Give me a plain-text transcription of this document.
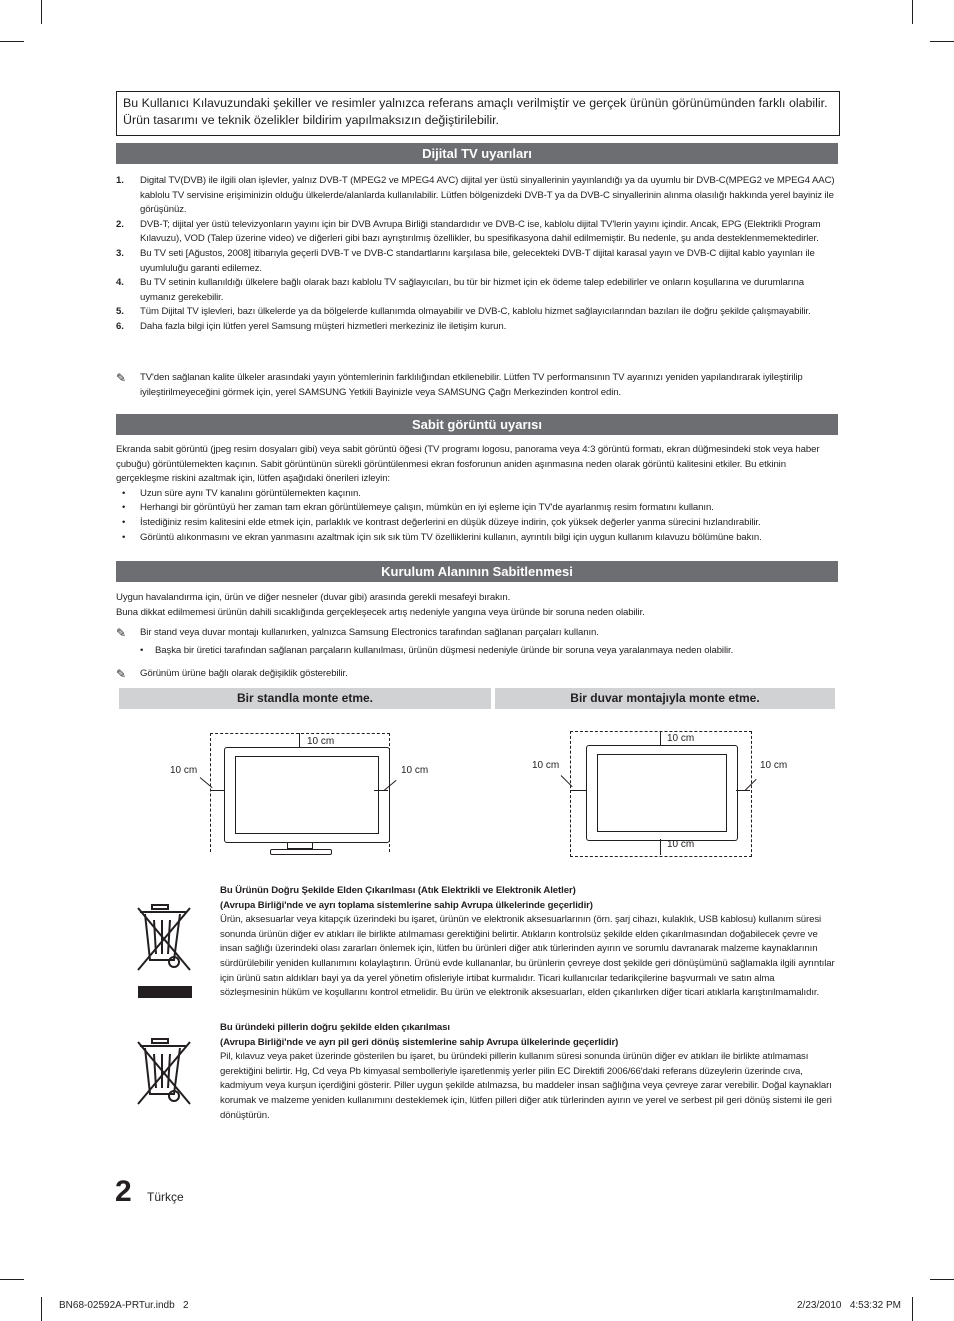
Bu Kullanıcı Kılavuzundaki şekiller ve resimler yalnızca referans amaçlı verilmiştir ve gerçek ürünün görünümünden farklı olabilir. Ürün tasarımı ve teknik özelikler bildirim yapılmaksızın değiştirilebilir.
Dijital TV uyarıları
1. Digital TV(DVB) ile ilgili olan işlevler, yalnız DVB-T (MPEG2 ve MPEG4 AVC) dijital yer üstü sinyallerinin yayınlandığı ya da uyumlu bir DVB-C(MPEG2 ve MPEG4 AAC) kablolu TV servisine erişiminizin olduğu ülkelerde/alanlarda kullanılabilir. Lütfen bölgenizdeki DVB-T ya da DVB-C sinyallerinin alınma olasılığı hakkında yerel bayiniz ile görüşünüz.
2. DVB-T; dijital yer üstü televizyonların yayını için bir DVB Avrupa Birliği standardıdır ve DVB-C ise, kablolu dijital TV'lerin yayını içindir. Ancak, EPG (Elektrikli Program Kılavuzu), VOD (Talep üzerine video) ve diğerleri gibi bazı ayrıştırılmış özellikler, bu spesifikasyona dahil edilmemiştir. Bu nedenle, şu anda desteklenmemektedirler.
3. Bu TV seti [Ağustos, 2008] itibarıyla geçerli DVB-T ve DVB-C standartlarını karşılasa bile, gelecekteki DVB-T dijital karasal yayın ve DVB-C dijital kablo yayınları ile uyumluluğu garanti edilemez.
4. Bu TV setinin kullanıldığı ülkelere bağlı olarak bazı kablolu TV sağlayıcıları, bu tür bir hizmet için ek ödeme talep edebilirler ve onların koşullarına ve durumlarına uymanız gerekebilir.
5. Tüm Dijital TV işlevleri, bazı ülkelerde ya da bölgelerde kullanımda olmayabilir ve DVB-C, kablolu hizmet sağlayıcılarından bazıları ile doğru şekilde çalışmayabilir.
6. Daha fazla bilgi için lütfen yerel Samsung müşteri hizmetleri merkeziniz ile iletişim kurun.
✎ TV'den sağlanan kalite ülkeler arasındaki yayın yöntemlerinin farklılığından etkilenebilir. Lütfen TV performansının TV ayarınızı yeniden yapılandırarak iyileştirilip iyileştirilmeyeceğini görmek için, yerel SAMSUNG Yetkili Bayinizle veya SAMSUNG Çağrı Merkezinden kontrol edin.
Sabit görüntü uyarısı
Ekranda sabit görüntü (jpeg resim dosyaları gibi) veya sabit görüntü öğesi (TV programı logosu, panorama veya 4:3 görüntü formatı, ekran düğmesindeki stok veya haber çubuğu) görüntülemekten kaçının. Sabit görüntünün sürekli görüntülenmesi ekran fosforunun aniden aşınmasına neden olarak görüntü kalitesini etkiler. Bu etkinin gerçekleşme riskini azaltmak için, lütfen aşağıdaki önerileri izleyin:
• Uzun süre aynı TV kanalını görüntülemekten kaçının.
• Herhangi bir görüntüyü her zaman tam ekran görüntülemeye çalışın, mümkün en iyi eşleme için TV'de ayarlanmış resim formatını kullanın.
• İstediğiniz resim kalitesini elde etmek için, parlaklık ve kontrast değerlerini en düşük düzeye indirin, çok yüksek değerler yanma sürecini hızlandırabilir.
• Görüntü alıkonmasını ve ekran yanmasını azaltmak için sık sık tüm TV özelliklerini kullanın, ayrıntılı bilgi için uygun kullanım kılavuzu bölümüne bakın.
Kurulum Alanının Sabitlenmesi
Uygun havalandırma için, ürün ve diğer nesneler (duvar gibi) arasında gerekli mesafeyi bırakın.
Buna dikkat edilmemesi ürünün dahili sıcaklığında gerçekleşecek artış nedeniyle yangına veya üründe bir soruna neden olabilir.
✎ Bir stand veya duvar montajı kullanırken, yalnızca Samsung Electronics tarafından sağlanan parçaları kullanın.
• Başka bir üretici tarafından sağlanan parçaların kullanılması, ürünün düşmesi nedeniyle üründe bir soruna veya yaralanmaya neden olabilir.
✎ Görünüm ürüne bağlı olarak değişiklik gösterebilir.
Bir standla monte etme.	Bir duvar montajıyla monte etme.
10 cm
10 cm	10 cm
10 cm
10 cm
10 cm	10 cm
Bu Ürünün Doğru Şekilde Elden Çıkarılması (Atık Elektrikli ve Elektronik Aletler)
(Avrupa Birliği'nde ve ayrı toplama sistemlerine sahip Avrupa ülkelerinde geçerlidir)
Ürün, aksesuarlar veya kitapçık üzerindeki bu işaret, ürünün ve elektronik aksesuarlarının (örn. şarj cihazı, kulaklık, USB kablosu) kullanım süresi sonunda ürünün diğer ev atıkları ile birlikte atılmaması gerektiğini belirtir. Atıkların kontrolsüz şekilde elden çıkarılmasından doğabilecek çevre ve insan sağlığı üzerindeki olası zararları önlemek için, lütfen bu ürünleri diğer atık türlerinden ayırın ve sorumlu davranarak malzeme kaynaklarının sürdürülebilir yeniden kullanımını kolaylaştırın. Ürünü evde kullananlar, bu ürünlerin çevreye dost şekilde geri dönüşümünü sağlamakla ilgili ayrıntılar için ürünü satın aldıkları bayi ya da yerel yönetim ofisleriyle irtibat kurmalıdır. Ticari kullanıcılar tedarikçilerine başvurmalı ve satın alma sözleşmesinin hüküm ve koşullarını kontrol etmelidir. Bu ürün ve elektronik aksesuarları, elden çıkarılırken diğer ticari atıklarla karıştırılmamalıdır.
Bu üründeki pillerin doğru şekilde elden çıkarılması
(Avrupa Birliği'nde ve ayrı pil geri dönüş sistemlerine sahip Avrupa ülkelerinde geçerlidir)
Pil, kılavuz veya paket üzerinde gösterilen bu işaret, bu üründeki pillerin kullanım süresi sonunda ürünün diğer ev atıkları ile birlikte atılmaması gerektiğini belirtir. Hg, Cd veya Pb kimyasal sembolleriyle işaretlenmiş yerler pilin EC Direktifi 2006/66'daki referans düzeylerin üzerinde cıva, kadmiyum veya kurşun içerdiğini gösterir. Piller uygun şekilde atılmazsa, bu maddeler insan sağlığına veya çevreye zarar verebilir. Doğal kaynakları korumak ve malzeme yeniden kullanımını desteklemek için, lütfen pilleri diğer atık türlerinden ayırın ve yerel ve serbest pil geri dönüş sistemi ile geri dönüştürün.
2 Türkçe
BN68-02592A-PRTur.indb   2	2/23/2010   4:53:32 PM
